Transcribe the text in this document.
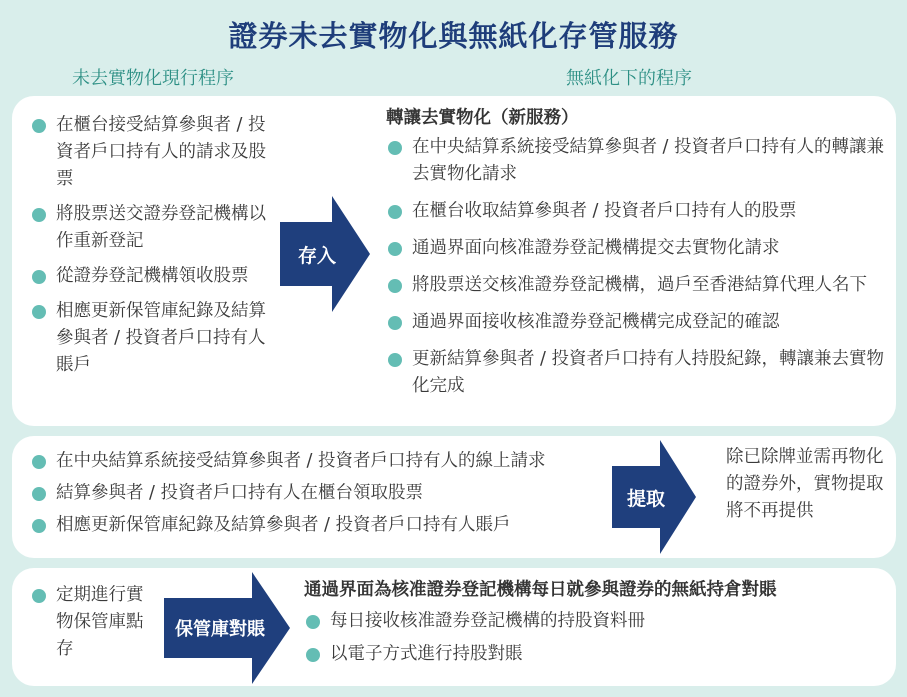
證券未去實物化與無紙化存管服務
未去實物化現行程序	無紙化下的程序
在櫃台接受結算參與者 / 投資者戶口持有人的請求及股票
將股票送交證券登記機構以作重新登記
從證券登記機構領收股票
相應更新保管庫紀錄及結算參與者 / 投資者戶口持有人賬戶
存入
轉讓去實物化（新服務）
在中央結算系統接受結算參與者 / 投資者戶口持有人的轉讓兼去實物化請求
在櫃台收取結算參與者 / 投資者戶口持有人的股票
通過界面向核准證券登記機構提交去實物化請求
將股票送交核准證券登記機構，過戶至香港結算代理人名下
通過界面接收核准證券登記機構完成登記的確認
更新結算參與者 / 投資者戶口持有人持股紀錄，轉讓兼去實物化完成
在中央結算系統接受結算參與者 / 投資者戶口持有人的線上請求
結算參與者 / 投資者戶口持有人在櫃台領取股票
相應更新保管庫紀錄及結算參與者 / 投資者戶口持有人賬戶
提取
除已除牌並需再物化的證券外，實物提取將不再提供
定期進行實物保管庫點存
保管庫對賬
通過界面為核准證券登記機構每日就參與證券的無紙持倉對賬
每日接收核准證券登記機構的持股資料冊
以電子方式進行持股對賬
